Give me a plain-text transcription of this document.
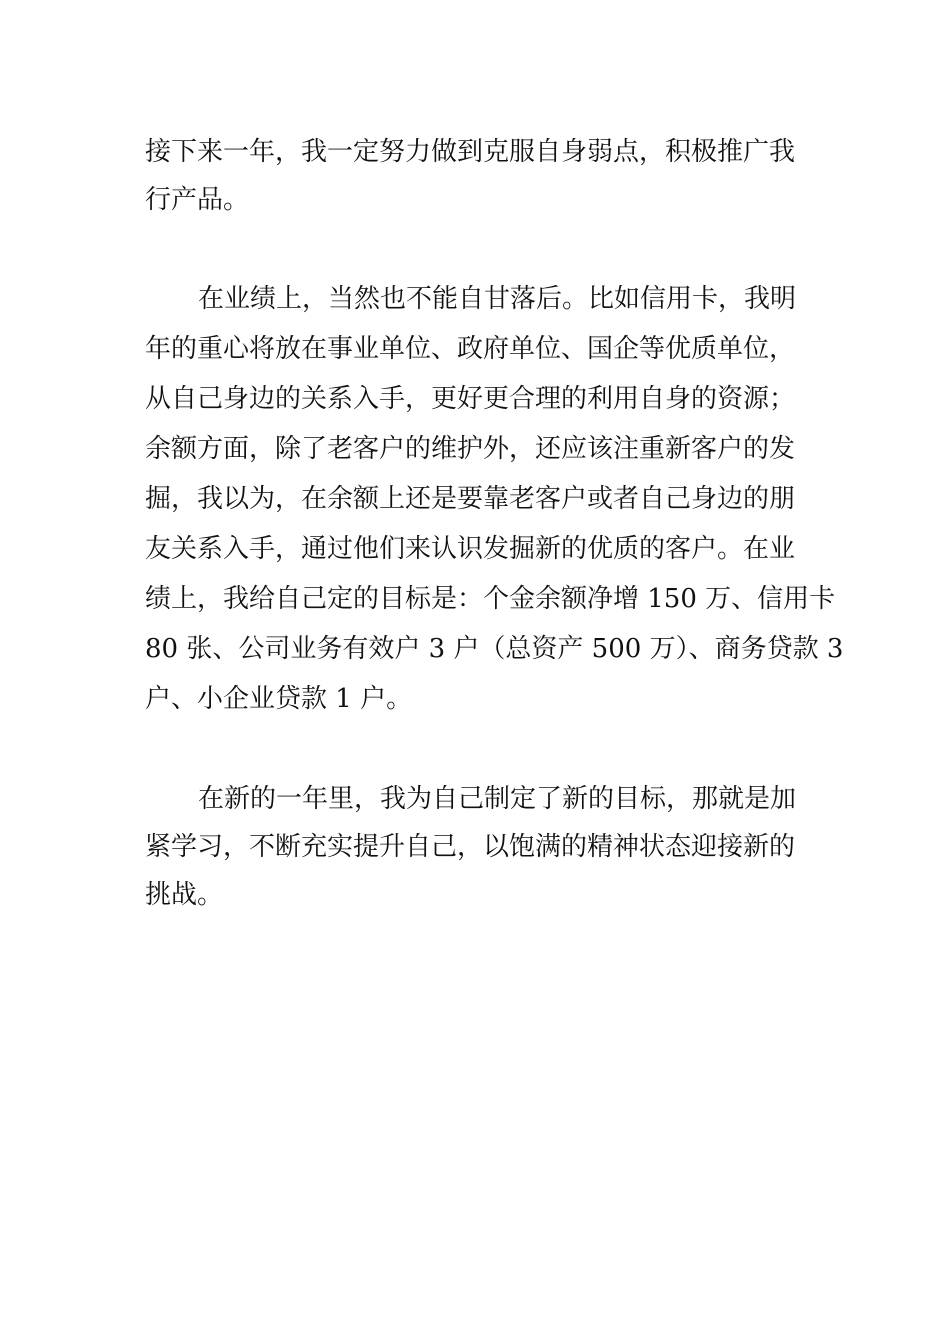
接下来一年，我一定努力做到克服自身弱点，积极推广我

行产品。

在业绩上，当然也不能自甘落后。比如信用卡，我明

年的重心将放在事业单位、政府单位、国企等优质单位，

从自己身边的关系入手，更好更合理的利用自身的资源；

余额方面，除了老客户的维护外，还应该注重新客户的发

掘，我以为，在余额上还是要靠老客户或者自己身边的朋

友关系入手，通过他们来认识发掘新的优质的客户。在业

绩上，我给自己定的目标是：个金余额净增 150 万、信用卡

80 张、公司业务有效户 3 户（总资产 500 万）、商务贷款 3

户、小企业贷款 1 户。

在新的一年里，我为自己制定了新的目标，那就是加

紧学习，不断充实提升自己，以饱满的精神状态迎接新的

挑战。
